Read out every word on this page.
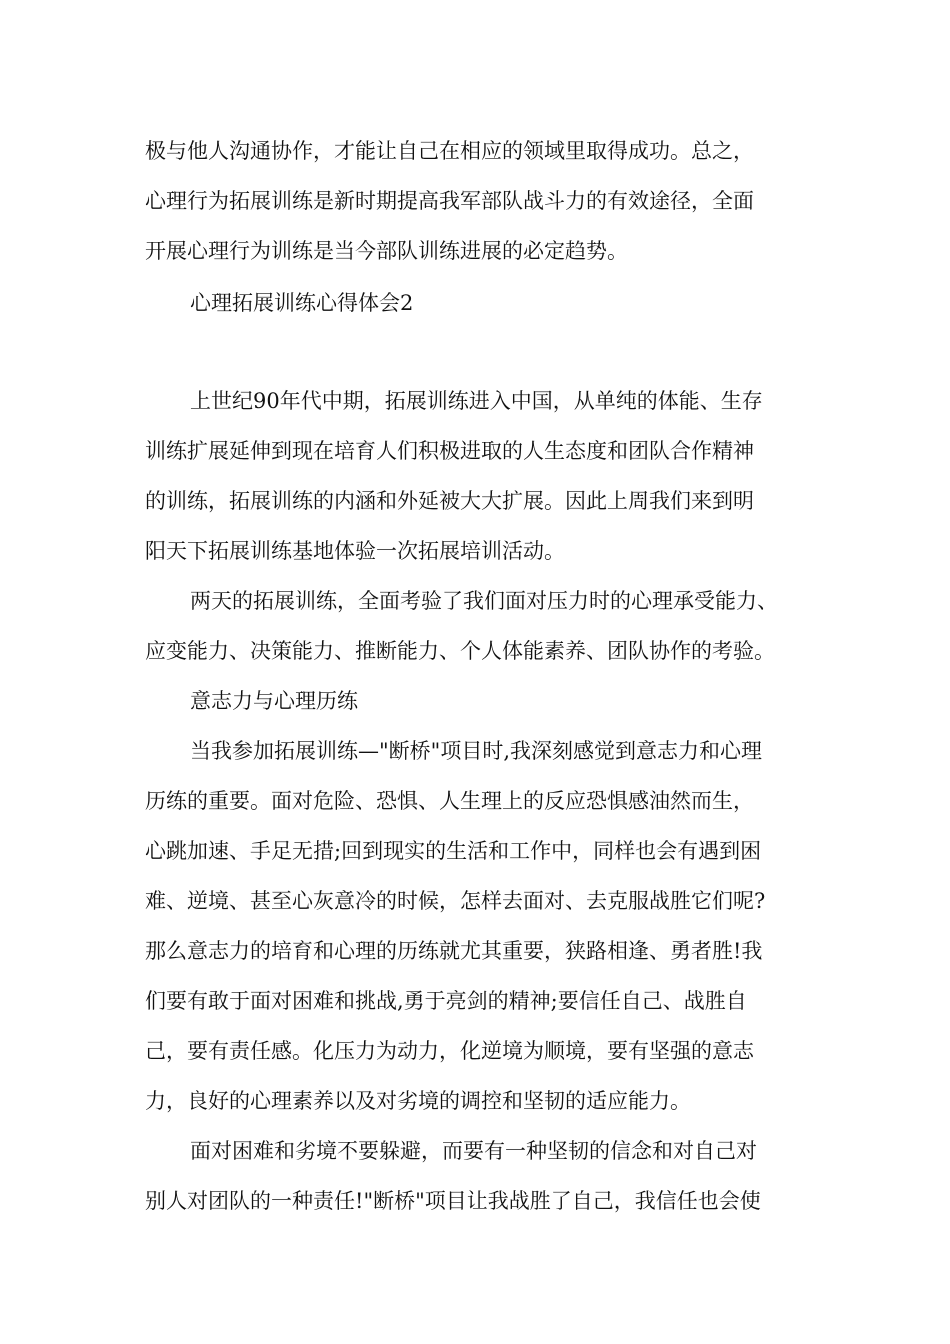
极与他人沟通协作，才能让自己在相应的领域里取得成功。总之，
心理行为拓展训练是新时期提高我军部队战斗力的有效途径，全面
开展心理行为训练是当今部队训练进展的必定趋势。
心理拓展训练心得体会2
上世纪90年代中期，拓展训练进入中国，从单纯的体能、生存
训练扩展延伸到现在培育人们积极进取的人生态度和团队合作精神
的训练，拓展训练的内涵和外延被大大扩展。因此上周我们来到明
阳天下拓展训练基地体验一次拓展培训活动。
两天的拓展训练，全面考验了我们面对压力时的心理承受能力、
应变能力、决策能力、推断能力、个人体能素养、团队协作的考验。
意志力与心理历练
当我参加拓展训练—"断桥"项目时,我深刻感觉到意志力和心理
历练的重要。面对危险、恐惧、人生理上的反应恐惧感油然而生，
心跳加速、手足无措;回到现实的生活和工作中，同样也会有遇到困
难、逆境、甚至心灰意冷的时候，怎样去面对、去克服战胜它们呢?
那么意志力的培育和心理的历练就尤其重要，狭路相逢、勇者胜!我
们要有敢于面对困难和挑战,勇于亮剑的精神;要信任自己、战胜自
己，要有责任感。化压力为动力，化逆境为顺境，要有坚强的意志
力，良好的心理素养以及对劣境的调控和坚韧的适应能力。
面对困难和劣境不要躲避，而要有一种坚韧的信念和对自己对
别人对团队的一种责任!"断桥"项目让我战胜了自己，我信任也会使
